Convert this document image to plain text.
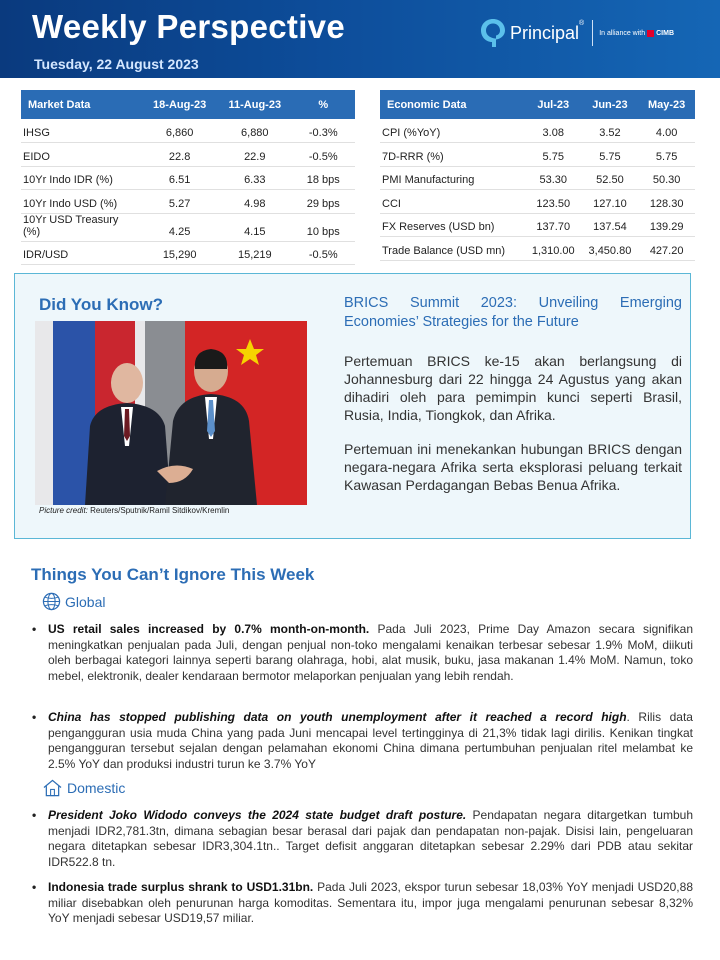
Weekly Perspective
Tuesday, 22 August 2023
Principal ®
In alliance with CIMB
Market Data	18-Aug-23	11-Aug-23	%
IHSG	6,860	6,880	-0.3%
EIDO	22.8	22.9	-0.5%
10Yr Indo IDR (%)	6.51	6.33	18 bps
10Yr Indo USD (%)	5.27	4.98	29 bps
10Yr USD Treasury (%)	4.25	4.15	10 bps
IDR/USD	15,290	15,219	-0.5%
Economic Data	Jul-23	Jun-23	May-23
CPI (%YoY)	3.08	3.52	4.00
7D-RRR (%)	5.75	5.75	5.75
PMI Manufacturing	53.30	52.50	50.30
CCI	123.50	127.10	128.30
FX Reserves (USD bn)	137.70	137.54	139.29
Trade Balance (USD mn)	1,310.00	3,450.80	427.20
Did You Know?
Picture credit: Reuters/Sputnik/Ramil Sitdikov/Kremlin
BRICS Summit 2023: Unveiling Emerging Economies’ Strategies for the Future
Pertemuan BRICS ke-15 akan berlangsung di Johannesburg dari 22 hingga 24 Agustus yang akan dihadiri oleh para pemimpin kunci seperti Brasil, Rusia, India, Tiongkok, dan Afrika.
Pertemuan ini menekankan hubungan BRICS dengan negara-negara Afrika serta eksplorasi peluang terkait Kawasan Perdagangan Bebas Benua Afrika.
Things You Can’t Ignore This Week
Global
• US retail sales increased by 0.7% month-on-month. Pada Juli 2023, Prime Day Amazon secara signifikan meningkatkan penjualan pada Juli, dengan penjual non-toko mengalami kenaikan terbesar sebesar 1.9% MoM, diikuti oleh berbagai kategori lainnya seperti barang olahraga, hobi, alat musik, buku, jasa makanan 1.4% MoM. Namun, toko mebel, elektronik, dealer kendaraan bermotor melaporkan penjualan yang lebih rendah.
• China has stopped publishing data on youth unemployment after it reached a record high. Rilis data pengangguran usia muda China yang pada Juni mencapai level tertingginya di 21,3% tidak lagi dirilis. Kenikan tingkat pengangguran tersebut sejalan dengan pelamahan ekonomi China dimana pertumbuhan penjualan ritel melambat ke 2.5% YoY dan produksi industri turun ke 3.7% YoY
Domestic
• President Joko Widodo conveys the 2024 state budget draft posture. Pendapatan negara ditargetkan tumbuh menjadi IDR2,781.3tn, dimana sebagian besar berasal dari pajak dan pendapatan non-pajak. Disisi lain, pengeluaran negara ditetapkan sebesar IDR3,304.1tn.. Target defisit anggaran ditetapkan sebesar 2.29% dari PDB atau sekitar IDR522.8 tn.
• Indonesia trade surplus shrank to USD1.31bn. Pada Juli 2023, ekspor turun sebesar 18,03% YoY menjadi USD20,88 miliar disebabkan oleh penurunan harga komoditas. Sementara itu, impor juga mengalami penurunan sebesar 8,32% YoY menjadi sebesar USD19,57 miliar.
